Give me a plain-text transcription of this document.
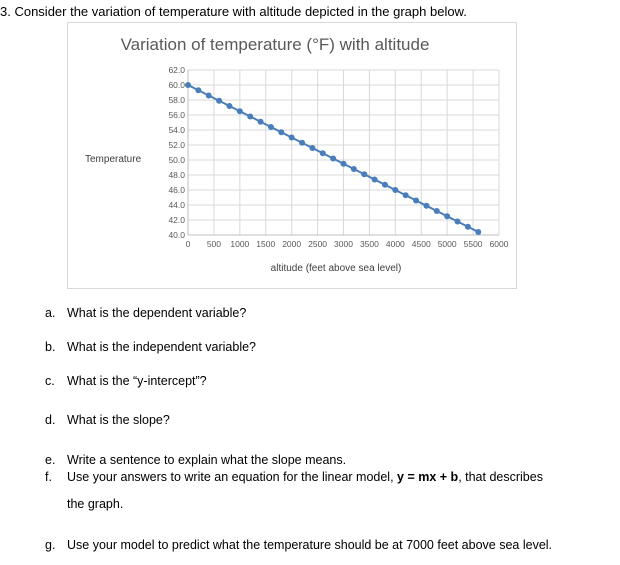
3. Consider the variation of temperature with altitude depicted in the graph below.
Variation of temperature (°F) with altitude
40.0
42.0
44.0
46.0
48.0
50.0
52.0
54.0
56.0
58.0
60.0
62.0
0 500 1000 1500 2000 2500 3000 3500 4000 4500 5000 5500 6000
Temperature
altitude (feet above sea level)
a. What is the dependent variable?
b. What is the independent variable?
c. What is the “y-intercept”?
d. What is the slope?
e. Write a sentence to explain what the slope means.
f.	Use your answers to write an equation for the linear model, y = mx + b, that describes
the graph.
g. Use your model to predict what the temperature should be at 7000 feet above sea level.
